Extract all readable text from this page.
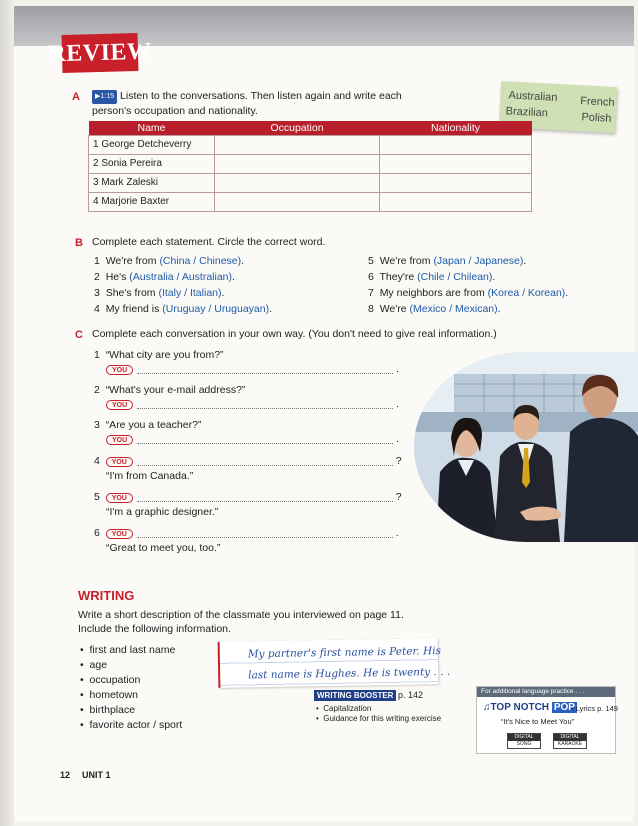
REVIEW
A	▶1:15 Listen to the conversations. Then listen again and write each
person's occupation and nationality.
Australian French
Brazilian	Polish
Name	Occupation	Nationality
1 George Detcheverry		
2 Sonia Pereira		
3 Mark Zaleski		
4 Marjorie Baxter		
B Complete each statement. Circle the correct word.
1 We're from (China / Chinese).
2 He's (Australia / Australian).
3 She's from (Italy / Italian).
4 My friend is (Uruguay / Uruguayan).
5 We're from (Japan / Japanese).
6 They're (Chile / Chilean).
7 My neighbors are from (Korea / Korean).
8 We're (Mexico / Mexican).
C Complete each conversation in your own way. (You don't need to give real information.)
1 “What city are you from?”
YOU	.
2 “What's your e-mail address?”
YOU	.
3 “Are you a teacher?”
YOU	.
4 YOU	?
“I'm from Canada.”
5 YOU	?
“I'm a graphic designer.”
6 YOU	.
“Great to meet you, too.”
WRITING
Write a short description of the classmate you interviewed on page 11.
Include the following information.
•  first and last name
•  age
•  occupation
•  hometown
•  birthplace
•  favorite actor / sport
My partner's first name is Peter. His
last name is Hughes. He is twenty . . .
WRITING BOOSTER p. 142
•  Capitalization
•  Guidance for this writing exercise
For additional language practice . . .
♫TOP NOTCH POP
• Lyrics p. 149
“It's Nice to Meet You”
DIGITAL
SONG
DIGITAL
KARAOKE
12 UNIT 1
